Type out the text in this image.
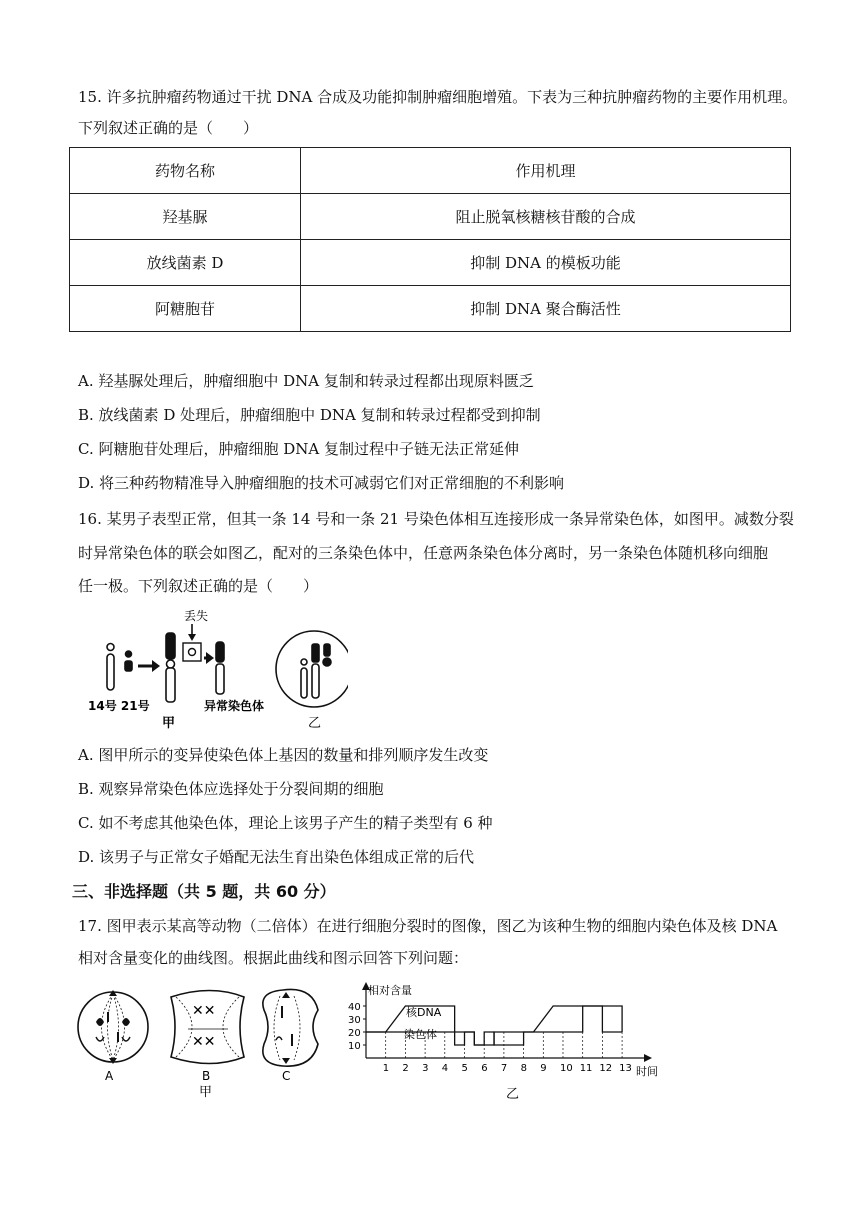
15. 许多抗肿瘤药物通过干扰 DNA 合成及功能抑制肿瘤细胞增殖。下表为三种抗肿瘤药物的主要作用机理。
下列叙述正确的是（　　）
药物名称	作用机理
羟基脲	阻止脱氧核糖核苷酸的合成
放线菌素 D	抑制 DNA 的模板功能
阿糖胞苷	抑制 DNA 聚合酶活性
A. 羟基脲处理后，肿瘤细胞中 DNA 复制和转录过程都出现原料匮乏
B. 放线菌素 D 处理后，肿瘤细胞中 DNA 复制和转录过程都受到抑制
C. 阿糖胞苷处理后，肿瘤细胞 DNA 复制过程中子链无法正常延伸
D. 将三种药物精准导入肿瘤细胞的技术可减弱它们对正常细胞的不利影响
16. 某男子表型正常，但其一条 14 号和一条 21 号染色体相互连接形成一条异常染色体，如图甲。减数分裂
时异常染色体的联会如图乙，配对的三条染色体中，任意两条染色体分离时，另一条染色体随机移向细胞
任一极。下列叙述正确的是（　　）
丢失
14号 21号	异常染色体
甲	乙
A. 图甲所示的变异使染色体上基因的数量和排列顺序发生改变
B. 观察异常染色体应选择处于分裂间期的细胞
C. 如不考虑其他染色体，理论上该男子产生的精子类型有 6 种
D. 该男子与正常女子婚配无法生育出染色体组成正常的后代
三、非选择题（共 5 题，共 60 分）
17. 图甲表示某高等动物（二倍体）在进行细胞分裂时的图像，图乙为该种生物的细胞内染色体及核 DNA
相对含量变化的曲线图。根据此曲线和图示回答下列问题：
A
✕✕
✕✕
B
甲
C
相对含量
时间
核DNA
染色体
乙
10
20
30
40
1 2 3 4 5 6 7 8 9 10 11 12 13
